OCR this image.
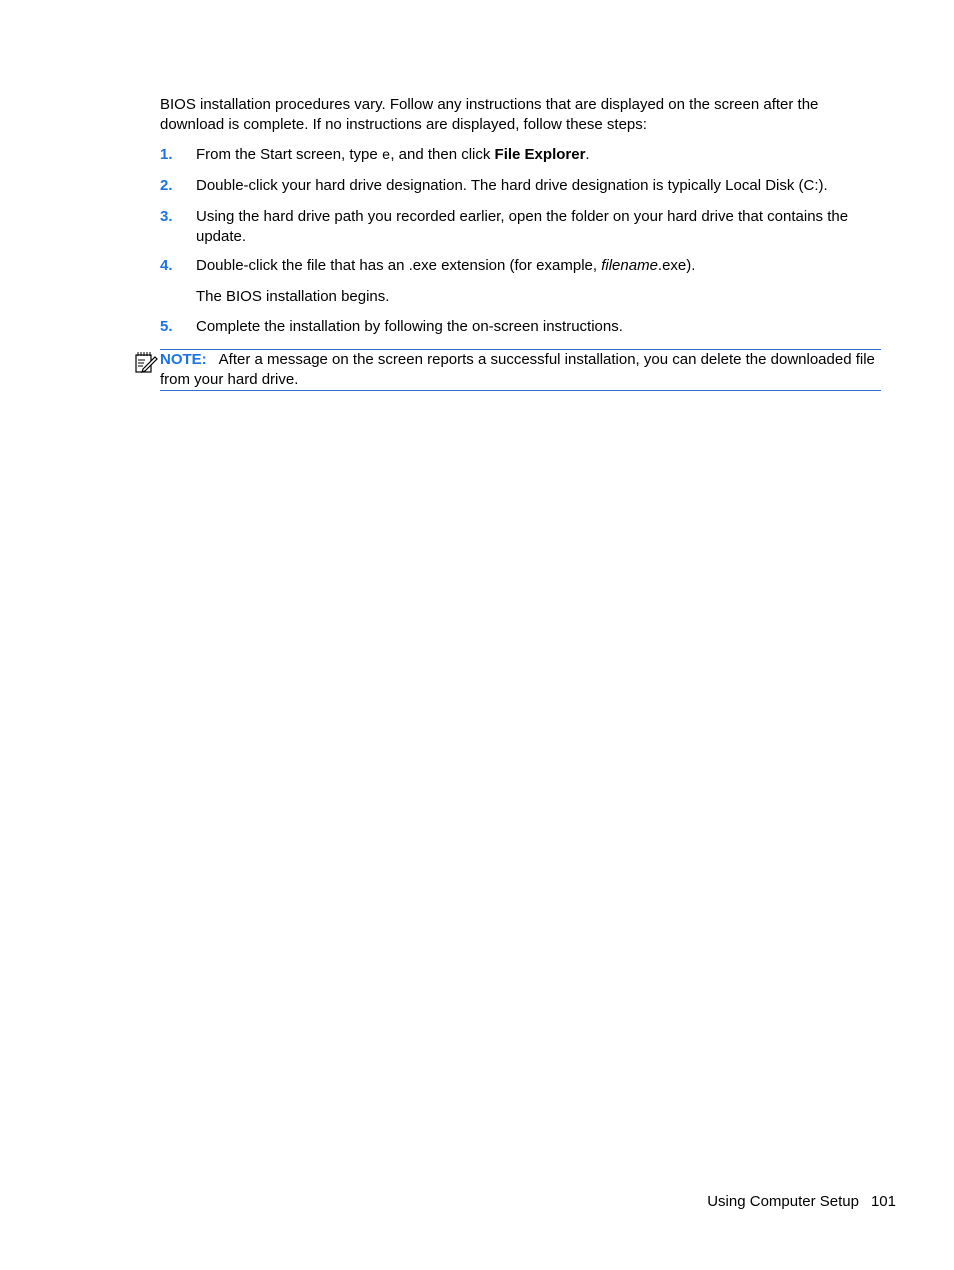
BIOS installation procedures vary. Follow any instructions that are displayed on the screen after the download is complete. If no instructions are displayed, follow these steps:

1.	From the Start screen, type e, and then click File Explorer.
2.	Double-click your hard drive designation. The hard drive designation is typically Local Disk (C:).
3.	Using the hard drive path you recorded earlier, open the folder on your hard drive that contains the update.
4.	Double-click the file that has an .exe extension (for example, filename.exe).
The BIOS installation begins.
5.	Complete the installation by following the on-screen instructions.
NOTE: After a message on the screen reports a successful installation, you can delete the downloaded file from your hard drive.
Using Computer Setup 101
